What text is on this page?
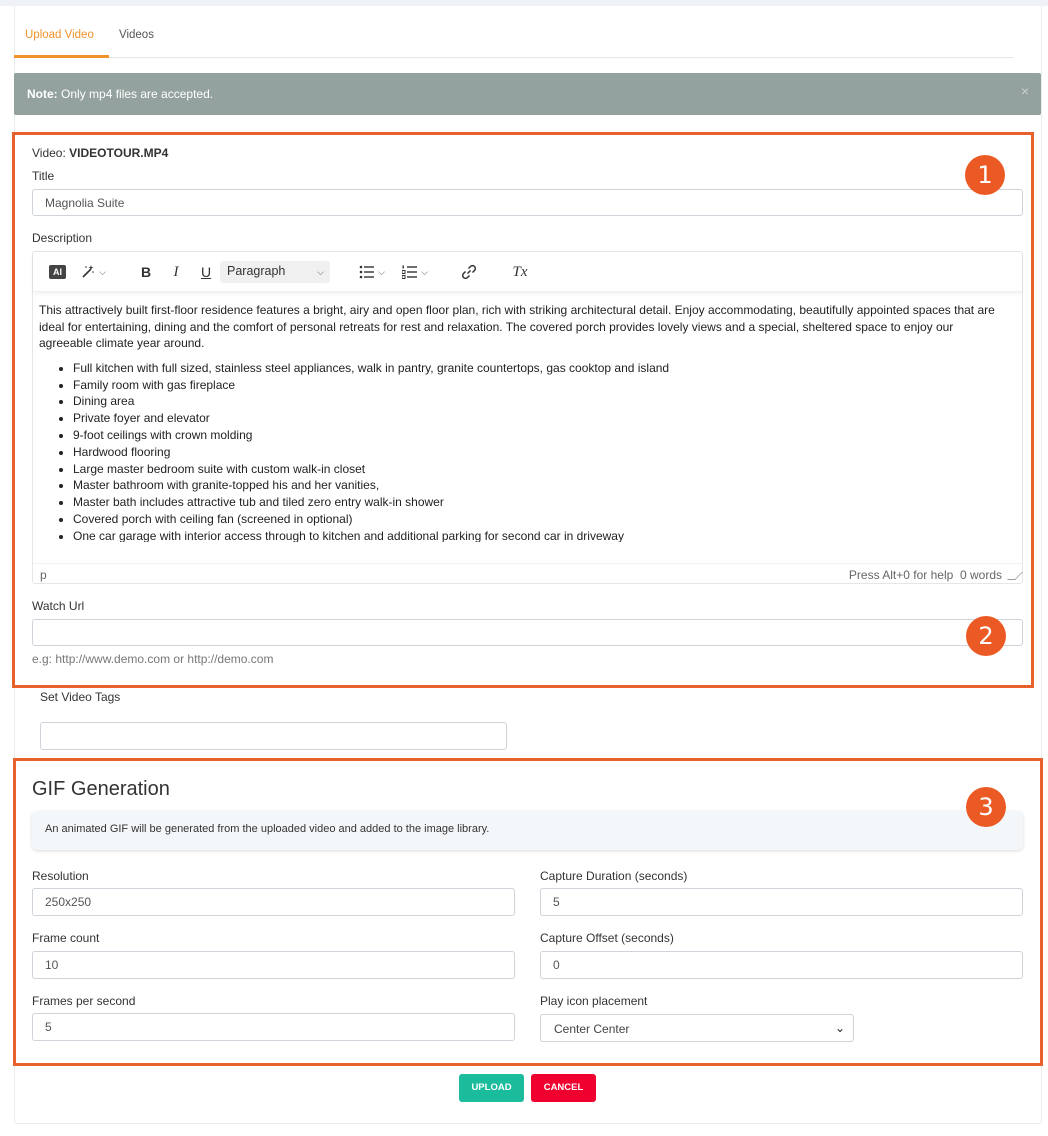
Upload Video Videos
Note: Only mp4 files are accepted.	×
Video: VIDEOTOUR.MP4
Title
Magnolia Suite
Description
AI	⌵	B I U	Paragraph	⌵	⌵	⌵	Tx

This attractively built first-floor residence features a bright, airy and open floor plan, rich with striking architectural detail. Enjoy accommodating, beautifully appointed spaces that are ideal for entertaining, dining and the comfort of personal retreats for rest and relaxation. The covered porch provides lovely views and a special, sheltered space to enjoy our agreeable climate year around.

• Full kitchen with full sized, stainless steel appliances, walk in pantry, granite countertops, gas cooktop and island
• Family room with gas fireplace
• Dining area
• Private foyer and elevator
• 9-foot ceilings with crown molding
• Hardwood flooring
• Large master bedroom suite with custom walk-in closet
• Master bathroom with granite-topped his and her vanities,
• Master bath includes attractive tub and tiled zero entry walk-in shower
• Covered porch with ceiling fan (screened in optional)
• One car garage with interior access through to kitchen and additional parking for second car in driveway
p	Press Alt+0 for help 0 words
Watch Url
e.g: http://www.demo.com or http://demo.com
Set Video Tags
GIF Generation
An animated GIF will be generated from the uploaded video and added to the image library.
Resolution
250x250
Capture Duration (seconds)
5
Frame count
10
Capture Offset (seconds)
0
Frames per second
5
Play icon placement
Center Center	⌄
1
2
3
UPLOAD	CANCEL
